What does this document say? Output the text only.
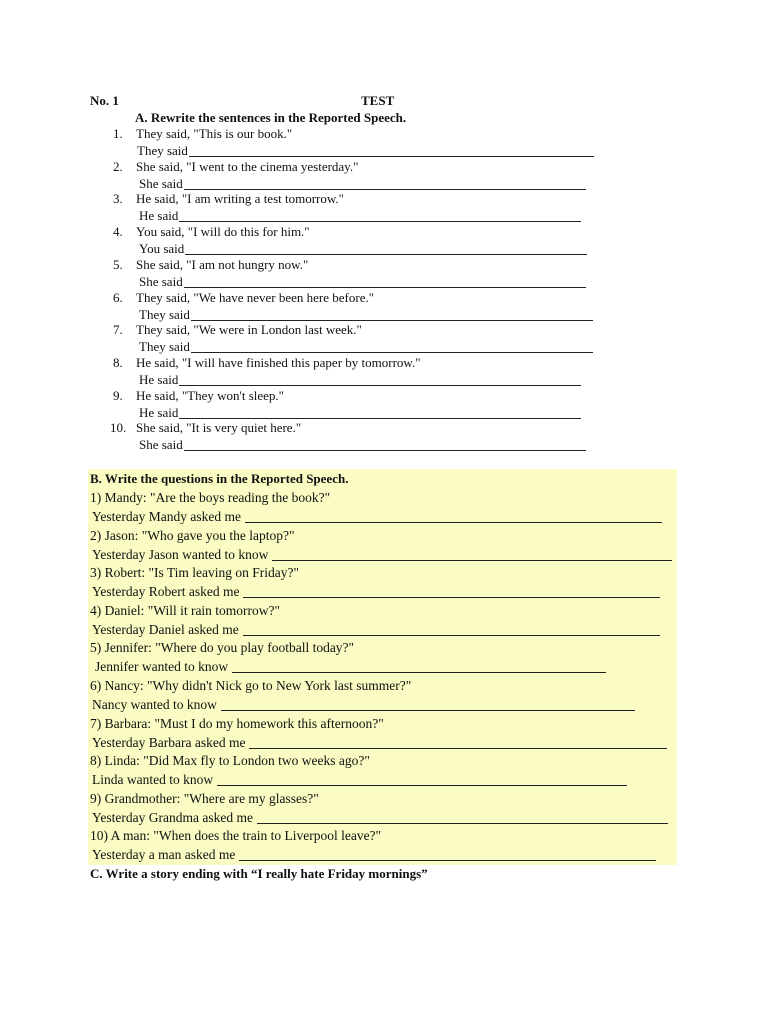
No. 1	TEST
A. Rewrite the sentences in the Reported Speech.
1. They said, "This is our book."
They said
2. She said, "I went to the cinema yesterday."
She said
3. He said, "I am writing a test tomorrow."
He said
4. You said, "I will do this for him."
You said
5. She said, "I am not hungry now."
She said
6. They said, "We have never been here before."
They said
7. They said, "We were in London last week."
They said
8. He said, "I will have finished this paper by tomorrow."
He said
9. He said, "They won't sleep."
He said
10. She said, "It is very quiet here."
She said
B. Write the questions in the Reported Speech.
1) Mandy: "Are the boys reading the book?"
Yesterday Mandy asked me
2) Jason: "Who gave you the laptop?"
Yesterday Jason wanted to know
3) Robert: "Is Tim leaving on Friday?"
Yesterday Robert asked me
4) Daniel: "Will it rain tomorrow?"
Yesterday Daniel asked me
5) Jennifer: "Where do you play football today?"
Jennifer wanted to know
6) Nancy: "Why didn't Nick go to New York last summer?"
Nancy wanted to know
7) Barbara: "Must I do my homework this afternoon?"
Yesterday Barbara asked me
8) Linda: "Did Max fly to London two weeks ago?"
Linda wanted to know
9) Grandmother: "Where are my glasses?"
Yesterday Grandma asked me
10) A man: "When does the train to Liverpool leave?"
Yesterday a man asked me
C. Write a story ending with “I really hate Friday mornings”
